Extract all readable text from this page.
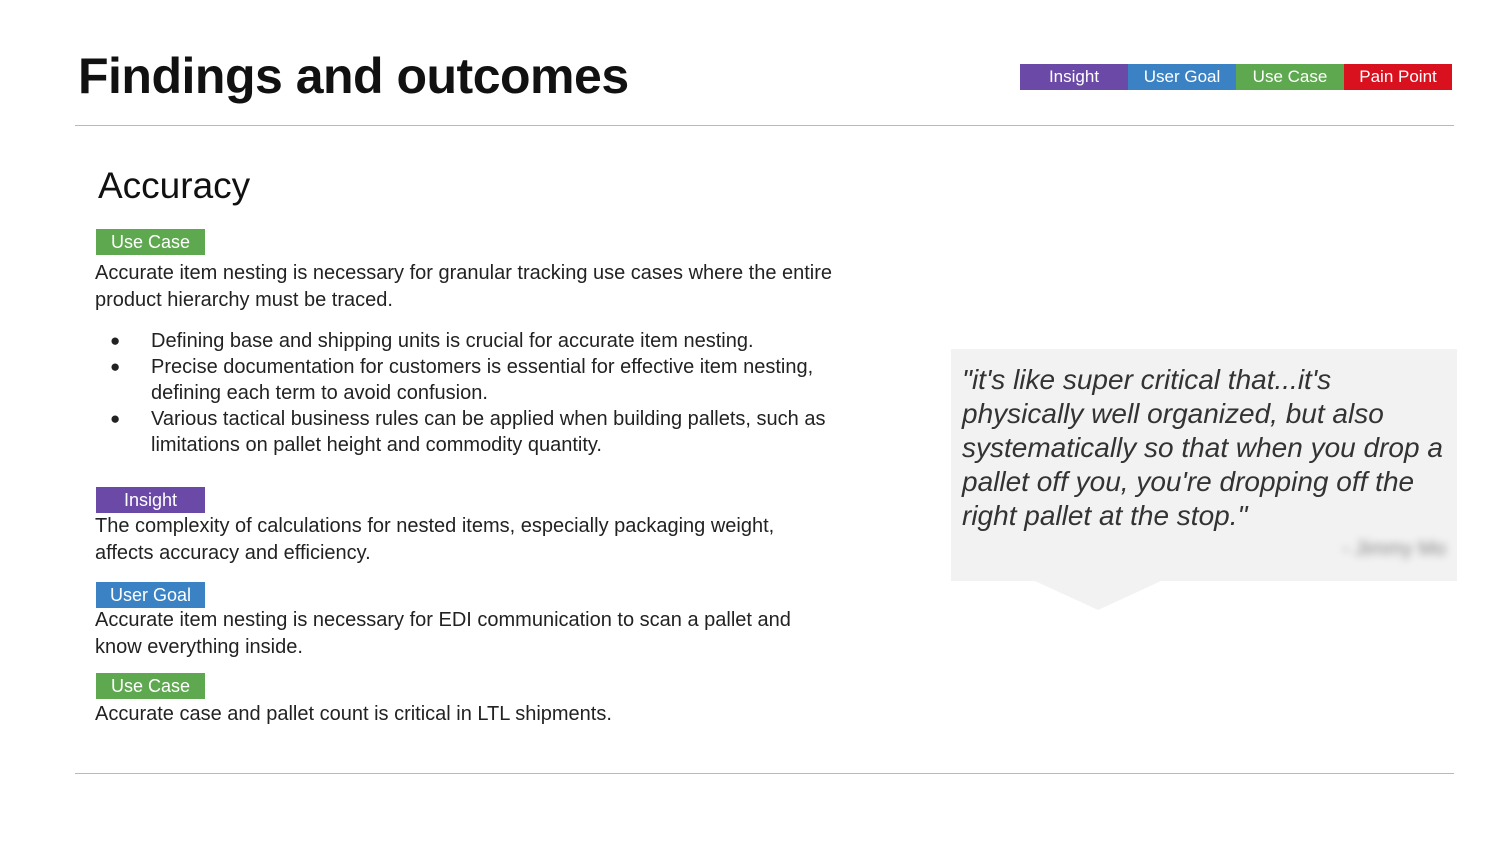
Findings and outcomes	Insight	User Goal	Use Case	Pain Point
Accuracy
Use Case

Accurate item nesting is necessary for granular tracking use cases where the entire product hierarchy must be traced.

● Defining base and shipping units is crucial for accurate item nesting.
● Precise documentation for customers is essential for effective item nesting, defining each term to avoid confusion.
● Various tactical business rules can be applied when building pallets, such as limitations on pallet height and commodity quantity.
Insight

The complexity of calculations for nested items, especially packaging weight, affects accuracy and efficiency.

User Goal

Accurate item nesting is necessary for EDI communication to scan a pallet and know everything inside.

Use Case

Accurate case and pallet count is critical in LTL shipments.

"it's like super critical that...it's physically well organized, but also systematically so that when you drop a pallet off you, you're dropping off the right pallet at the stop."

- Jimmy Mo
